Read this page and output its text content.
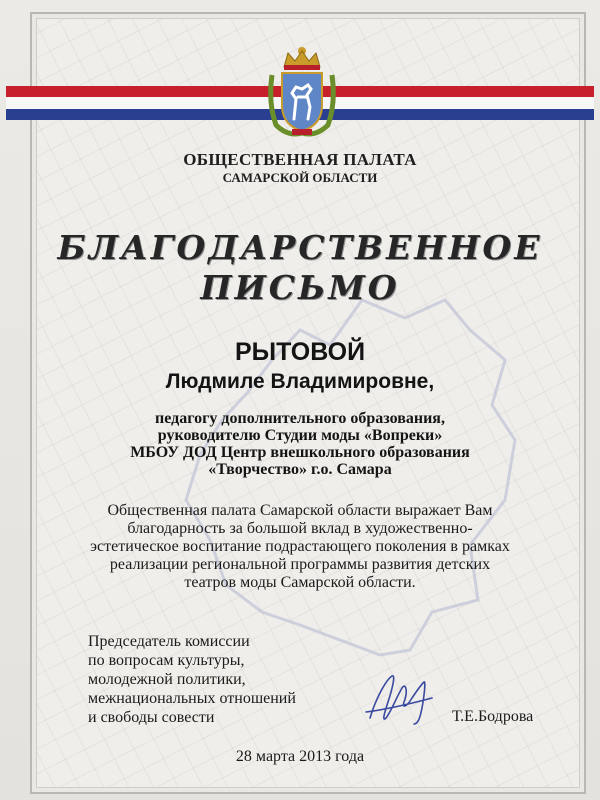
ОБЩЕСТВЕННАЯ ПАЛАТА
САМАРСКОЙ ОБЛАСТИ
БЛАГОДАРСТВЕННОЕ
ПИСЬМО
РЫТОВОЙ
Людмиле Владимировне,
педагогу дополнительного образования,
руководителю Студии моды «Вопреки»
МБОУ ДОД Центр внешкольного образования
«Творчество» г.о. Самара
Общественная палата Самарской области выражает Вам
благодарность за большой вклад в художественно-
эстетическое воспитание подрастающего поколения в рамках
реализации региональной программы развития детских
театров моды Самарской области.
Председатель комиссии
по вопросам культуры,
молодежной политики,
межнациональных отношений
и свободы совести	Т.Е.Бодрова
28 марта 2013 года
